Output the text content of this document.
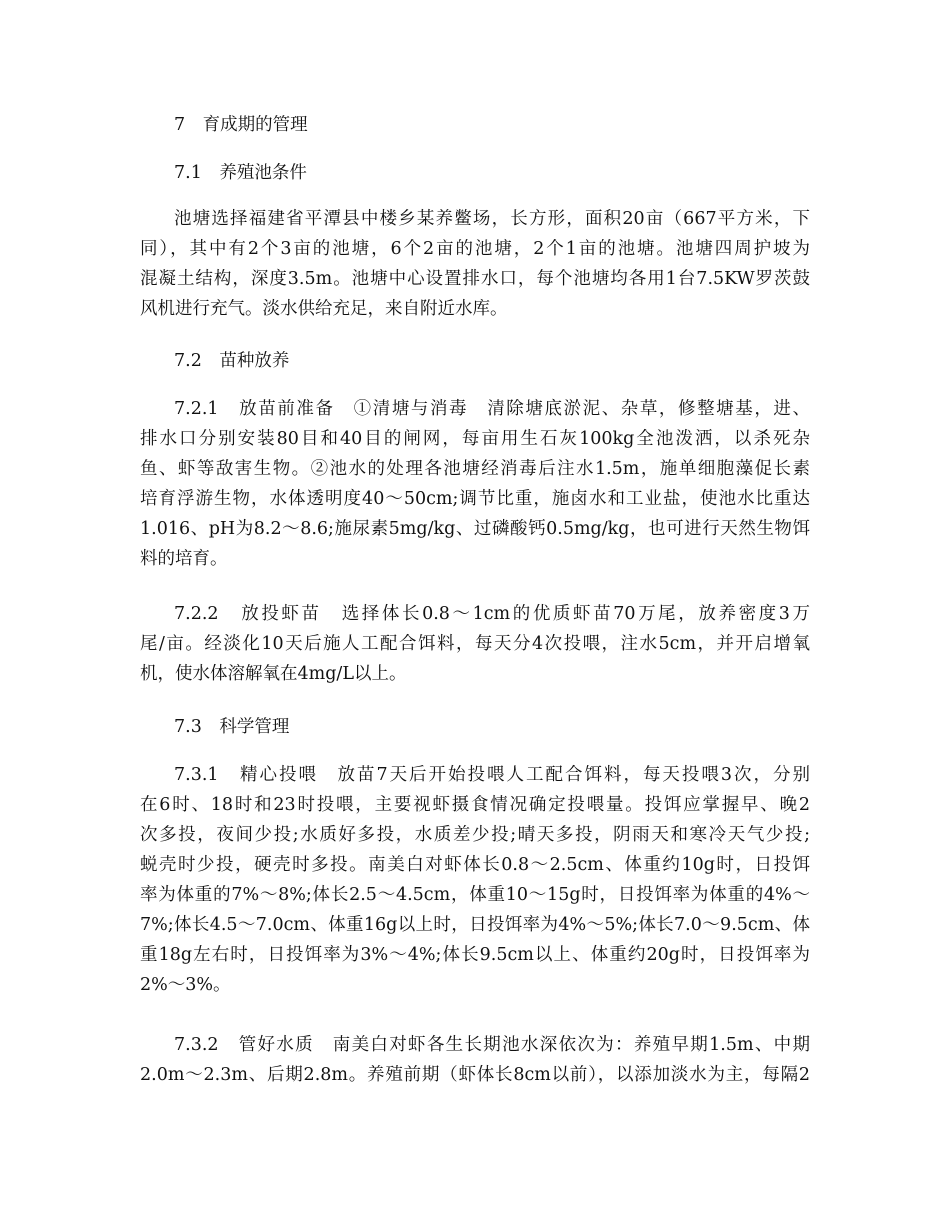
7　育成期的管理
7.1　养殖池条件
池塘选择福建省平潭县中楼乡某养鳖场，长方形，面积20亩（667平方米，下
同），其中有2个3亩的池塘，6个2亩的池塘，2个1亩的池塘。池塘四周护坡为
混凝土结构，深度3.5m。池塘中心设置排水口，每个池塘均各用1台7.5KW罗茨鼓
风机进行充气。淡水供给充足，来自附近水库。
7.2　苗种放养
7.2.1　放苗前准备　①清塘与消毒　清除塘底淤泥、杂草，修整塘基，进、
排水口分别安装80目和40目的闸网，每亩用生石灰100kg全池泼洒，以杀死杂
鱼、虾等敌害生物。②池水的处理各池塘经消毒后注水1.5m，施单细胞藻促长素
培育浮游生物，水体透明度40～50cm;调节比重，施卤水和工业盐，使池水比重达
1.016、pH为8.2～8.6;施尿素5mg/kg、过磷酸钙0.5mg/kg，也可进行天然生物饵
料的培育。
7.2.2　放投虾苗　选择体长0.8～1cm的优质虾苗70万尾，放养密度3万
尾/亩。经淡化10天后施人工配合饵料，每天分4次投喂，注水5cm，并开启增氧
机，使水体溶解氧在4mg/L以上。
7.3　科学管理
7.3.1　精心投喂　放苗7天后开始投喂人工配合饵料，每天投喂3次，分别
在6时、18时和23时投喂，主要视虾摄食情况确定投喂量。投饵应掌握早、晚2
次多投，夜间少投;水质好多投，水质差少投;晴天多投，阴雨天和寒冷天气少投;
蜕壳时少投，硬壳时多投。南美白对虾体长0.8～2.5cm、体重约10g时，日投饵
率为体重的7%～8%;体长2.5～4.5cm，体重10～15g时，日投饵率为体重的4%～
7%;体长4.5～7.0cm、体重16g以上时，日投饵率为4%～5%;体长7.0～9.5cm、体
重18g左右时，日投饵率为3%～4%;体长9.5cm以上、体重约20g时，日投饵率为
2%～3%。
7.3.2　管好水质　南美白对虾各生长期池水深依次为：养殖早期1.5m、中期
2.0m～2.3m、后期2.8m。养殖前期（虾体长8cm以前），以添加淡水为主，每隔2
